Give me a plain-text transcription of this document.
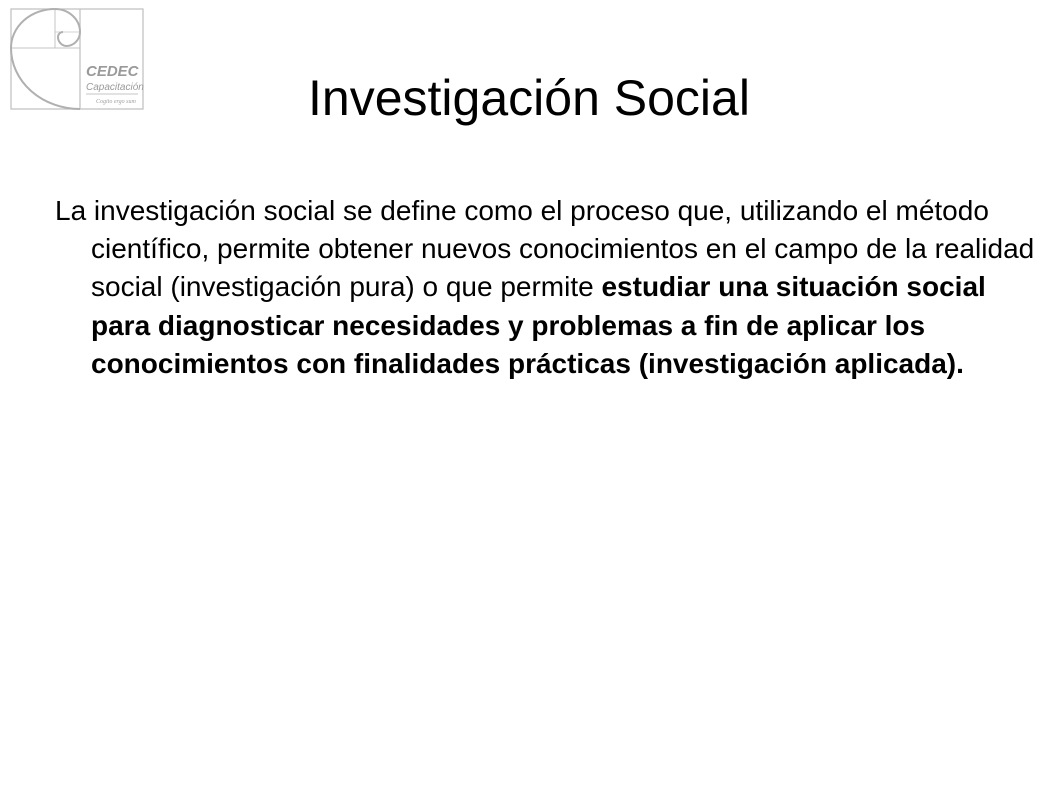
CEDEC
Capacitación
Cogito ergo sum	Investigación Social

La investigación social se define como el proceso que, utilizando el método científico, permite obtener nuevos conocimientos en el campo de la realidad social (investigación pura) o que permite estudiar una situación social para diagnosticar necesidades y problemas a fin de aplicar los conocimientos con finalidades prácticas (investigación aplicada).
